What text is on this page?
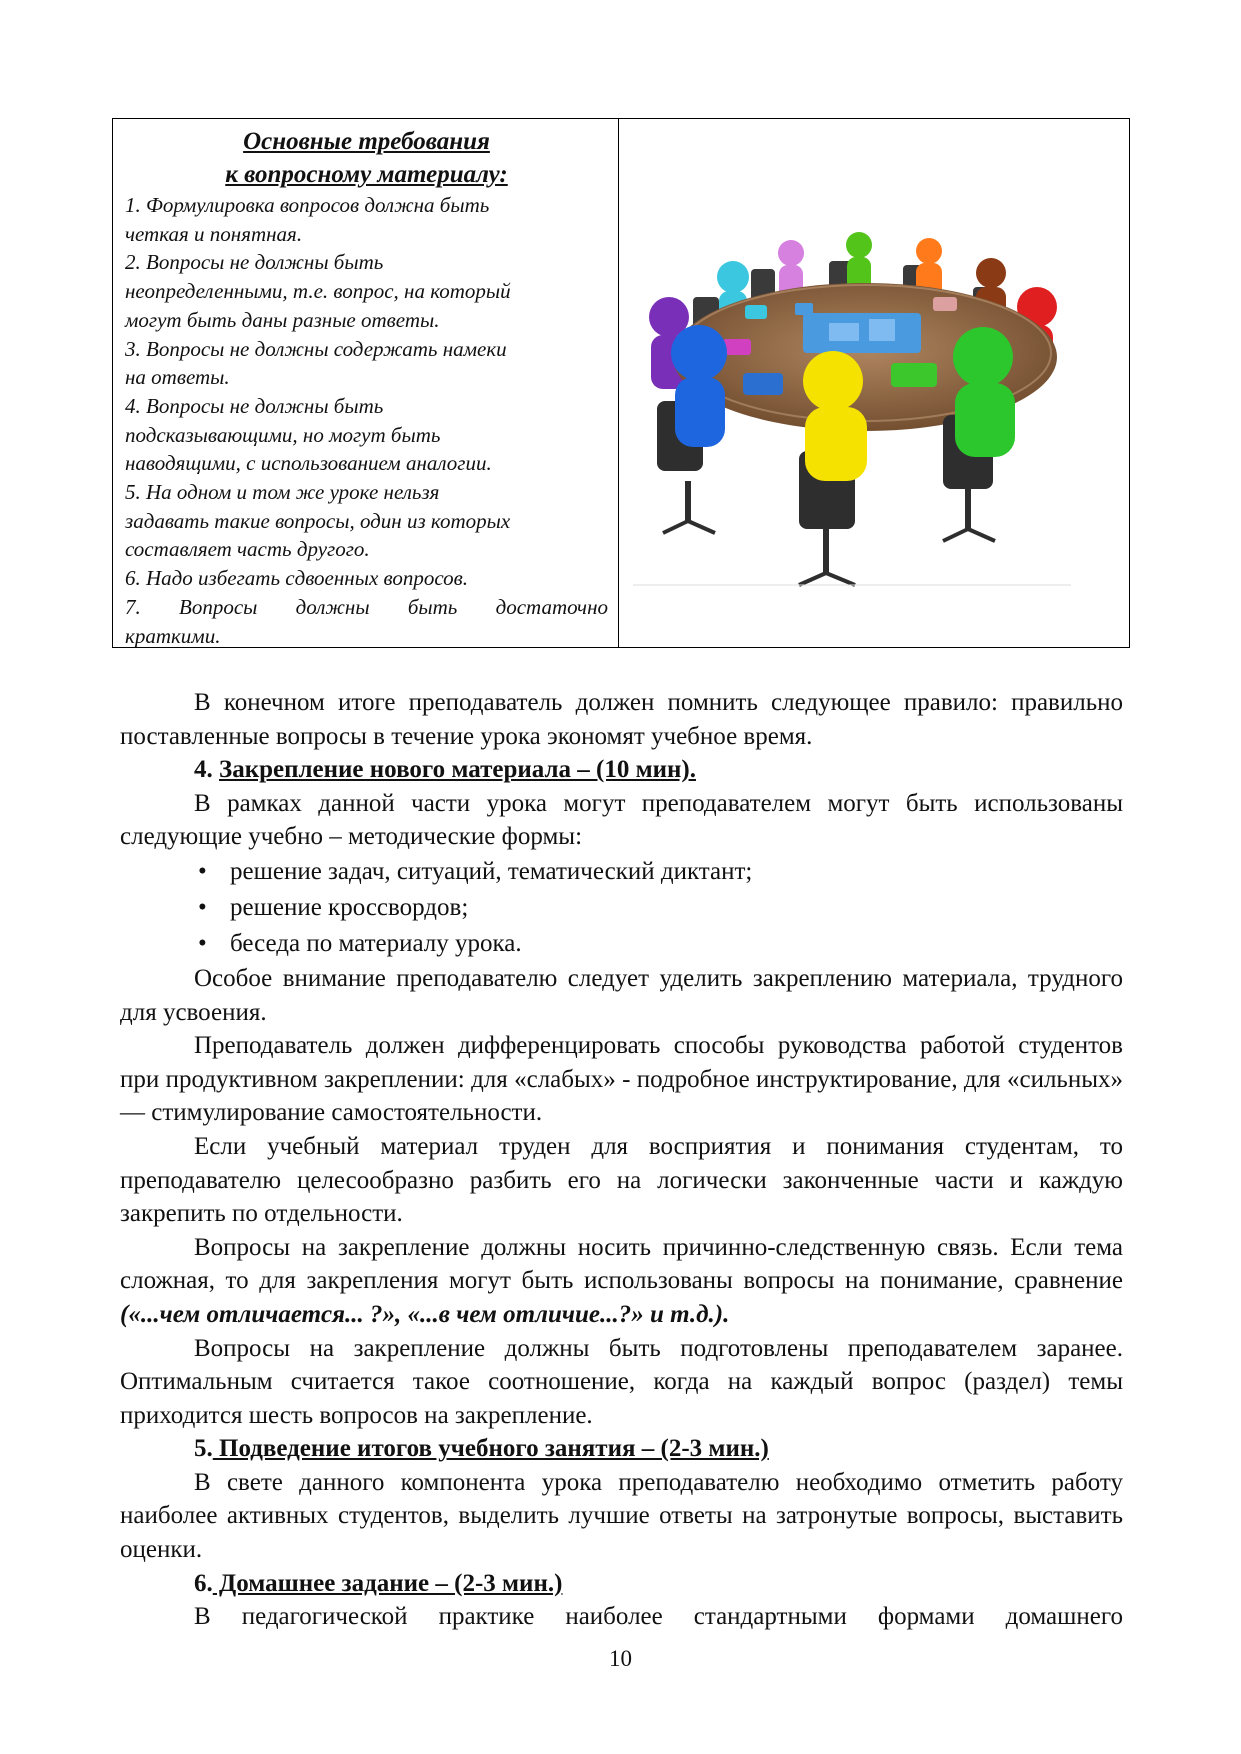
Основные требования
к вопросному материалу:
1. Формулировка вопросов должна быть
четкая и понятная.
2. Вопросы не должны быть
неопределенными, т.е. вопрос, на который
могут быть даны разные ответы.
3. Вопросы не должны содержать намеки
на ответы.
4. Вопросы не должны быть
подсказывающими, но могут быть
наводящими, с использованием аналогии.
5. На одном и том же уроке нельзя
задавать такие вопросы, один из которых
составляет часть другого.
6. Надо избегать сдвоенных вопросов.
7. Вопросы должны быть достаточно
краткими.

В конечном итоге преподаватель должен помнить следующее правило: правильно поставленные вопросы в течение урока экономят учебное время.

4. Закрепление нового материала – (10 мин).

В рамках данной части урока могут преподавателем могут быть использованы следующие учебно – методические формы:

• решение задач, ситуаций, тематический диктант;
• решение кроссвордов;
• беседа по материалу урока.

Особое внимание преподавателю следует уделить закреплению материала, трудного для усвоения.

Преподаватель должен дифференцировать способы руководства работой студентов при продуктивном закреплении: для «слабых» - подробное инструктирование, для «сильных» — стимулирование самостоятельности.

Если учебный материал труден для восприятия и понимания студентам, то преподавателю целесообразно разбить его на логически законченные части и каждую закрепить по отдельности.

Вопросы на закрепление должны носить причинно-следственную связь. Если тема сложная, то для закрепления могут быть использованы вопросы на понимание, сравнение («...чем отличается... ?», «...в чем отличие...?» и т.д.).

Вопросы на закрепление должны быть подготовлены преподавателем заранее. Оптимальным считается такое соотношение, когда на каждый вопрос (раздел) темы приходится шесть вопросов на закрепление.

5. Подведение итогов учебного занятия – (2-3 мин.)

В свете данного компонента урока преподавателю необходимо отметить работу наиболее активных студентов, выделить лучшие ответы на затронутые вопросы, выставить оценки.

6. Домашнее задание – (2-3 мин.)

В педагогической практике наиболее стандартными формами домашнего

10
